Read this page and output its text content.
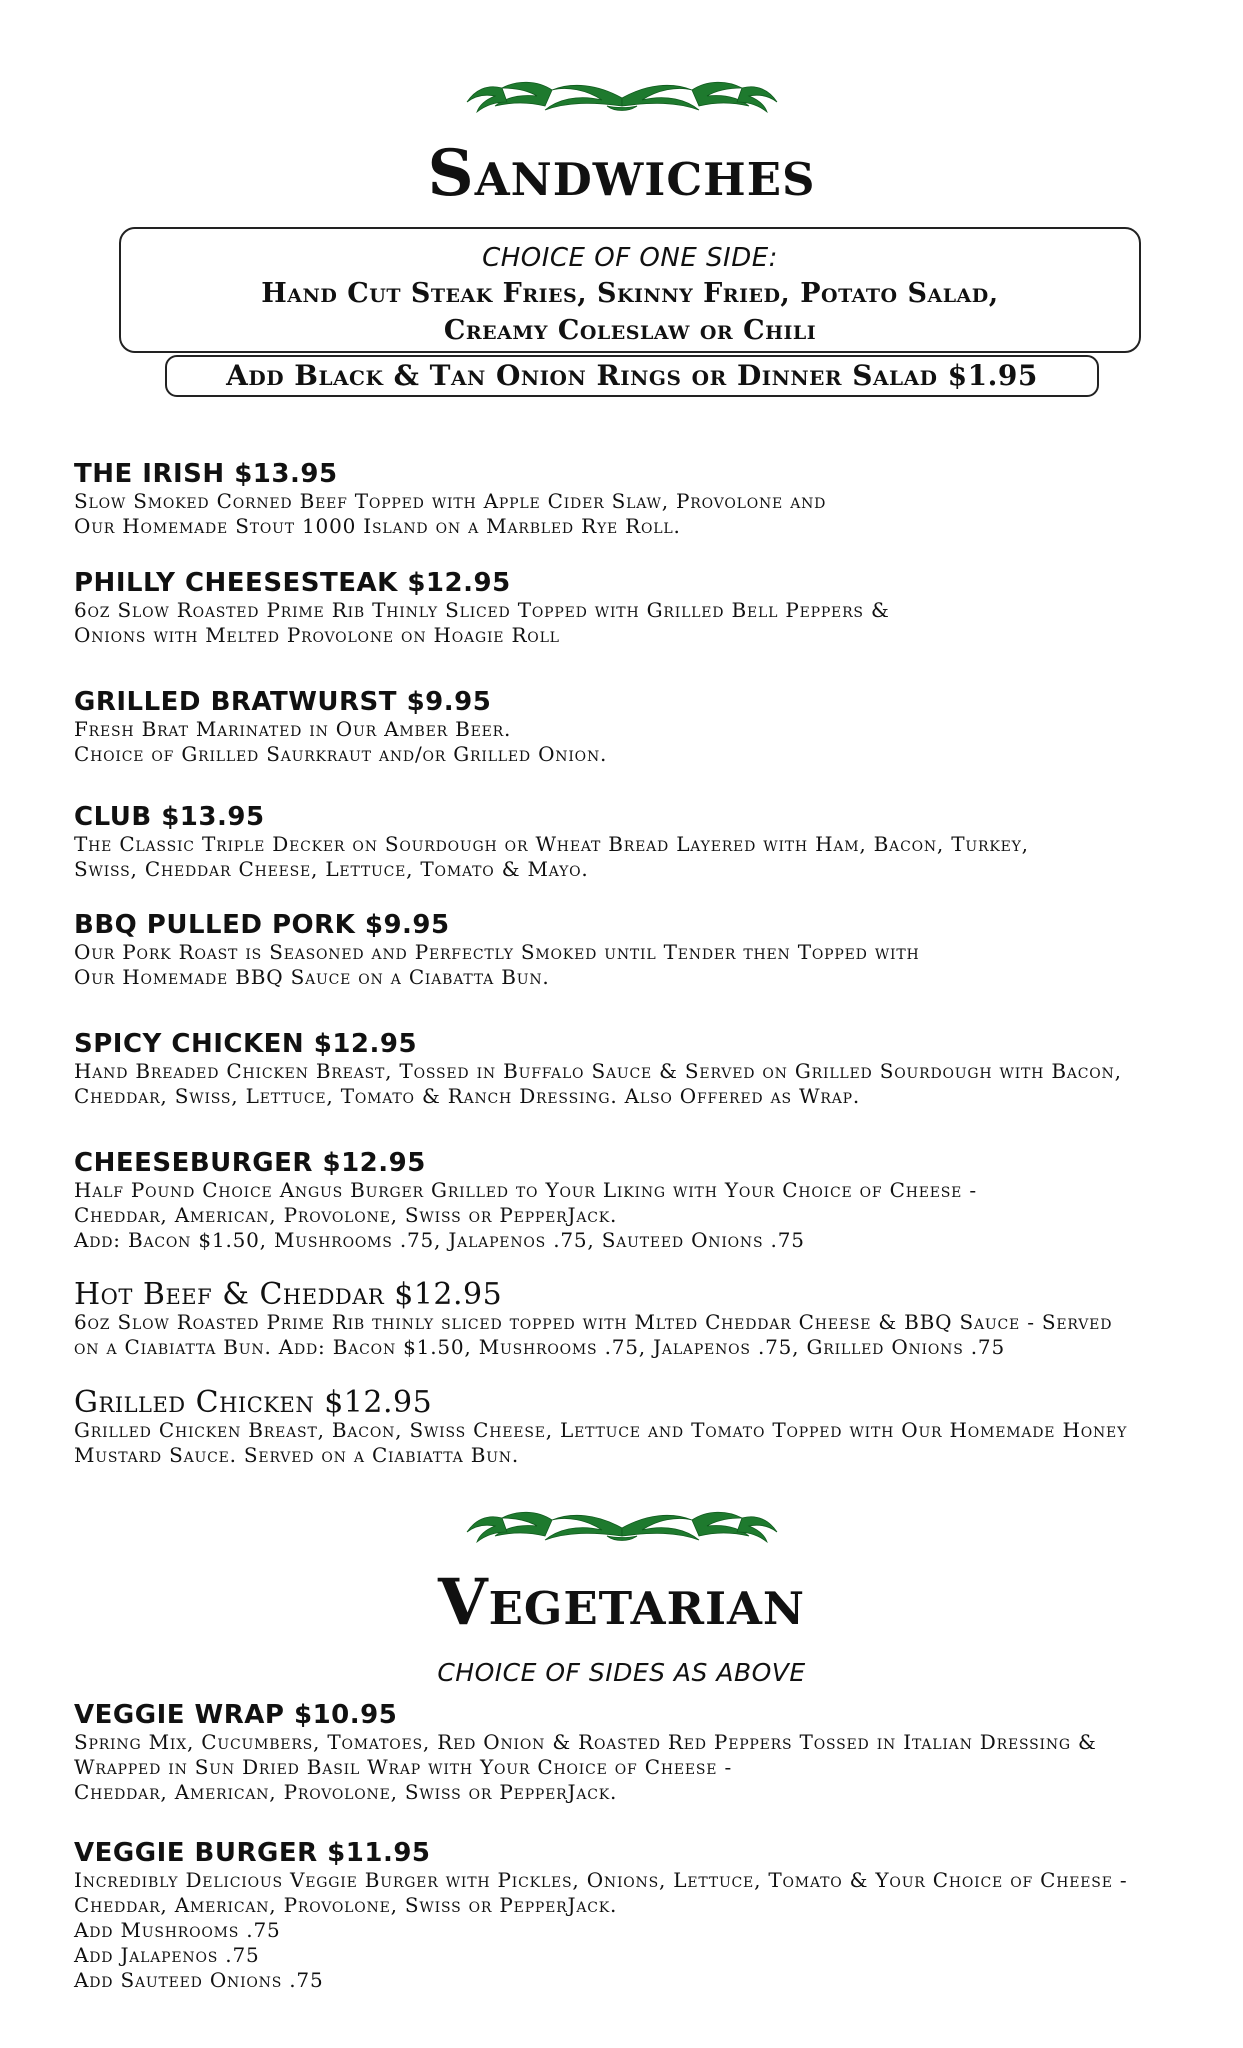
Sandwiches
CHOICE OF ONE SIDE:
Hand Cut Steak Fries, Skinny Fried, Potato Salad,
Creamy Coleslaw or Chili
Add Black & Tan Onion Rings or Dinner Salad $1.95
THE IRISH $13.95
Slow Smoked Corned Beef Topped with Apple Cider Slaw, Provolone and
Our Homemade Stout 1000 Island on a Marbled Rye Roll.
PHILLY CHEESESTEAK $12.95
6oz Slow Roasted Prime Rib Thinly Sliced Topped with Grilled Bell Peppers &
Onions with Melted Provolone on Hoagie Roll
GRILLED BRATWURST $9.95
Fresh Brat Marinated in Our Amber Beer.
Choice of Grilled Saurkraut and/or Grilled Onion.
CLUB $13.95
The Classic Triple Decker on Sourdough or Wheat Bread Layered with Ham, Bacon, Turkey,
Swiss, Cheddar Cheese, Lettuce, Tomato & Mayo.
BBQ PULLED PORK $9.95
Our Pork Roast is Seasoned and Perfectly Smoked until Tender then Topped with
Our Homemade BBQ Sauce on a Ciabatta Bun.
SPICY CHICKEN $12.95
Hand Breaded Chicken Breast, Tossed in Buffalo Sauce & Served on Grilled Sourdough with Bacon,
Cheddar, Swiss, Lettuce, Tomato & Ranch Dressing. Also Offered as Wrap.
CHEESEBURGER $12.95
Half Pound Choice Angus Burger Grilled to Your Liking with Your Choice of Cheese -
Cheddar, American, Provolone, Swiss or PepperJack.
Add: Bacon $1.50, Mushrooms .75, Jalapenos .75, Sauteed Onions .75
Hot Beef & Cheddar $12.95
6oz Slow Roasted Prime Rib thinly sliced topped with Mlted Cheddar Cheese & BBQ Sauce - Served
on a Ciabiatta Bun. Add: Bacon $1.50, Mushrooms .75, Jalapenos .75, Grilled Onions .75
Grilled Chicken $12.95
Grilled Chicken Breast, Bacon, Swiss Cheese, Lettuce and Tomato Topped with Our Homemade Honey
Mustard Sauce. Served on a Ciabiatta Bun.
Vegetarian
CHOICE OF SIDES AS ABOVE
VEGGIE WRAP $10.95
Spring Mix, Cucumbers, Tomatoes, Red Onion & Roasted Red Peppers Tossed in Italian Dressing &
Wrapped in Sun Dried Basil Wrap with Your Choice of Cheese -
Cheddar, American, Provolone, Swiss or PepperJack.
VEGGIE BURGER $11.95
Incredibly Delicious Veggie Burger with Pickles, Onions, Lettuce, Tomato & Your Choice of Cheese -
Cheddar, American, Provolone, Swiss or PepperJack.
Add Mushrooms .75
Add Jalapenos .75
Add Sauteed Onions .75
